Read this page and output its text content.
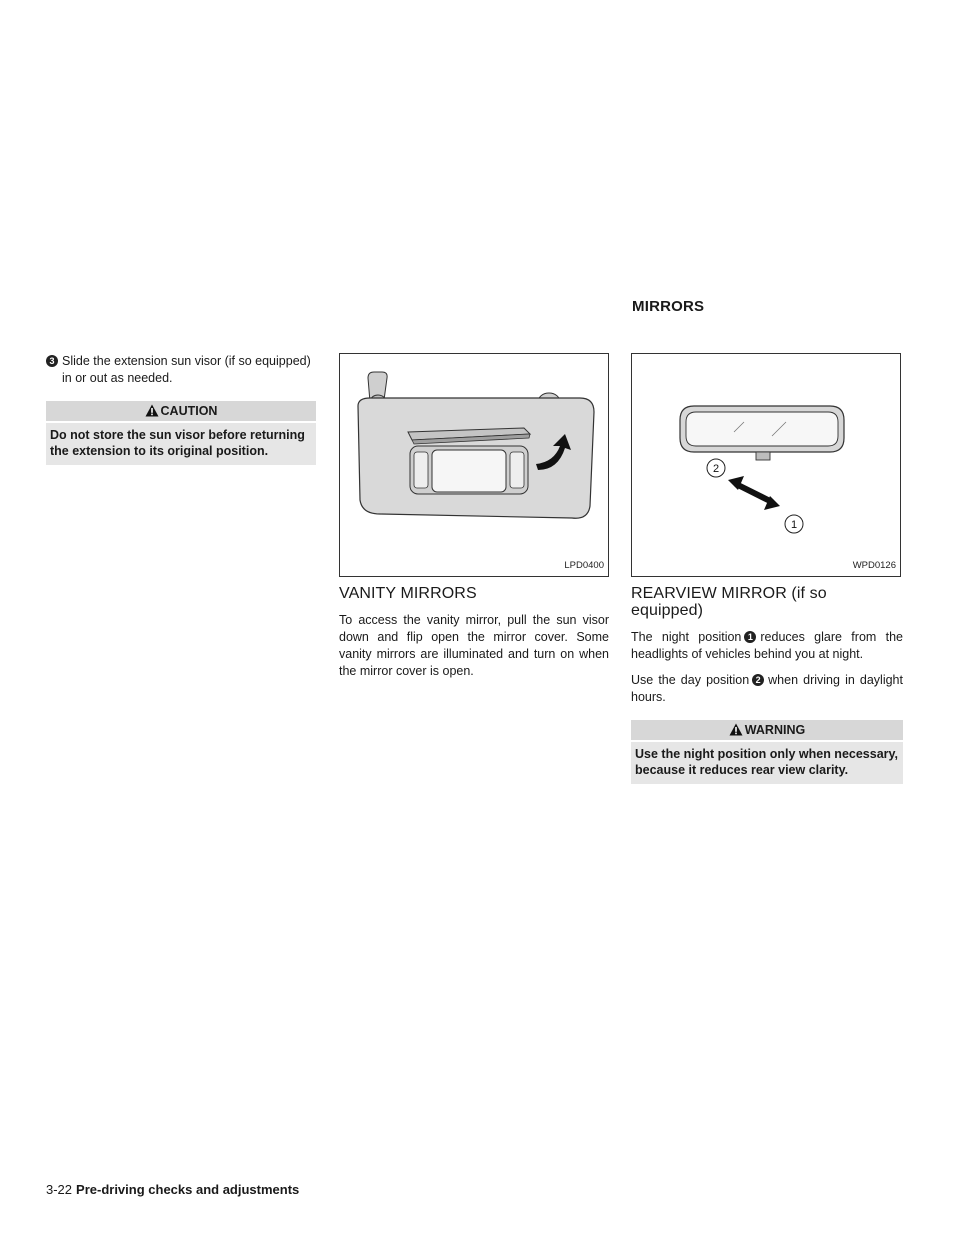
MIRRORS
3 Slide the extension sun visor (if so equipped) in or out as needed.
CAUTION
Do not store the sun visor before returning the extension to its original position.
LPD0400
VANITY MIRRORS

To access the vanity mirror, pull the sun visor down and flip open the mirror cover. Some vanity mirrors are illuminated and turn on when the mirror cover is open.

2
1
WPD0126
REARVIEW MIRROR (if so equipped)

The night position 1 reduces glare from the headlights of vehicles behind you at night.

Use the day position 2 when driving in daylight hours.

WARNING
Use the night position only when necessary, because it reduces rear view clarity.
3-22 Pre-driving checks and adjustments
